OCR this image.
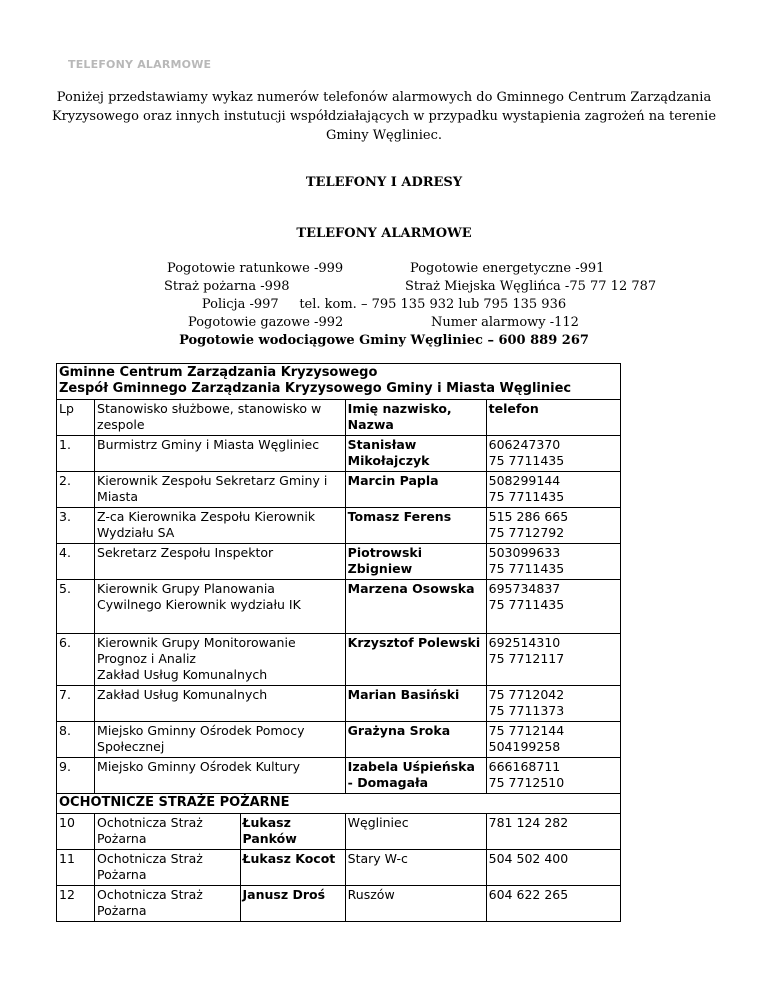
TELEFONY ALARMOWE
Poniżej przedstawiamy wykaz numerów telefonów alarmowych do Gminnego Centrum Zarządzania Kryzysowego oraz innych instutucji współdziałających w przypadku wystapienia zagrożeń na terenie Gminy Węgliniec.
TELEFONY I ADRESY
TELEFONY ALARMOWE
Pogotowie ratunkowe -999	Pogotowie energetyczne -991
Straż pożarna -998	Straż Miejska Węglińca -75 77 12 787
Policja -997     tel. kom. – 795 135 932 lub 795 135 936
Pogotowie gazowe -992	Numer alarmowy -112
Pogotowie wodociągowe Gminy Węgliniec – 600 889 267
Gminne Centrum Zarządzania Kryzysowego
Zespół Gminnego Zarządzania Kryzysowego Gminy i Miasta Węgliniec				

Lp	Stanowisko służbowe, stanowisko w zespole		Imię nazwisko, Nazwa	telefon
1.	Burmistrz Gminy i Miasta Węgliniec		Stanisław Mikołajczyk	606247370
75 7711435
2.	Kierownik Zespołu Sekretarz Gminy i Miasta		Marcin Papla	508299144
75 7711435
3.	Z-ca Kierownika Zespołu Kierownik Wydziału SA		Tomasz Ferens	515 286 665
75 7712792
4.	Sekretarz Zespołu Inspektor		Piotrowski Zbigniew	503099633
75 7711435
5.	Kierownik Grupy Planowania Cywilnego Kierownik wydziału IK		Marzena Osowska	695734837
75 7711435
6.	Kierownik Grupy Monitorowanie Prognoz i Analiz
Zakład Usług Komunalnych		Krzysztof Polewski	692514310
75 7712117
7.	Zakład Usług Komunalnych		Marian Basiński	75 7712042
75 7711373
8.	Miejsko Gminny Ośrodek Pomocy Społecznej		Grażyna Sroka	75 7712144
504199258
9.	Miejsko Gminny Ośrodek Kultury		Izabela Uśpieńska - Domagała	666168711
75 7712510
OCHOTNICZE STRAŻE POŻARNE				
10	Ochotnicza Straż Pożarna	Łukasz Panków	Węgliniec	781 124 282
11	Ochotnicza Straż Pożarna	Łukasz Kocot	Stary W-c	504 502 400
12	Ochotnicza Straż Pożarna	Janusz Droś	Ruszów	604 622 265
